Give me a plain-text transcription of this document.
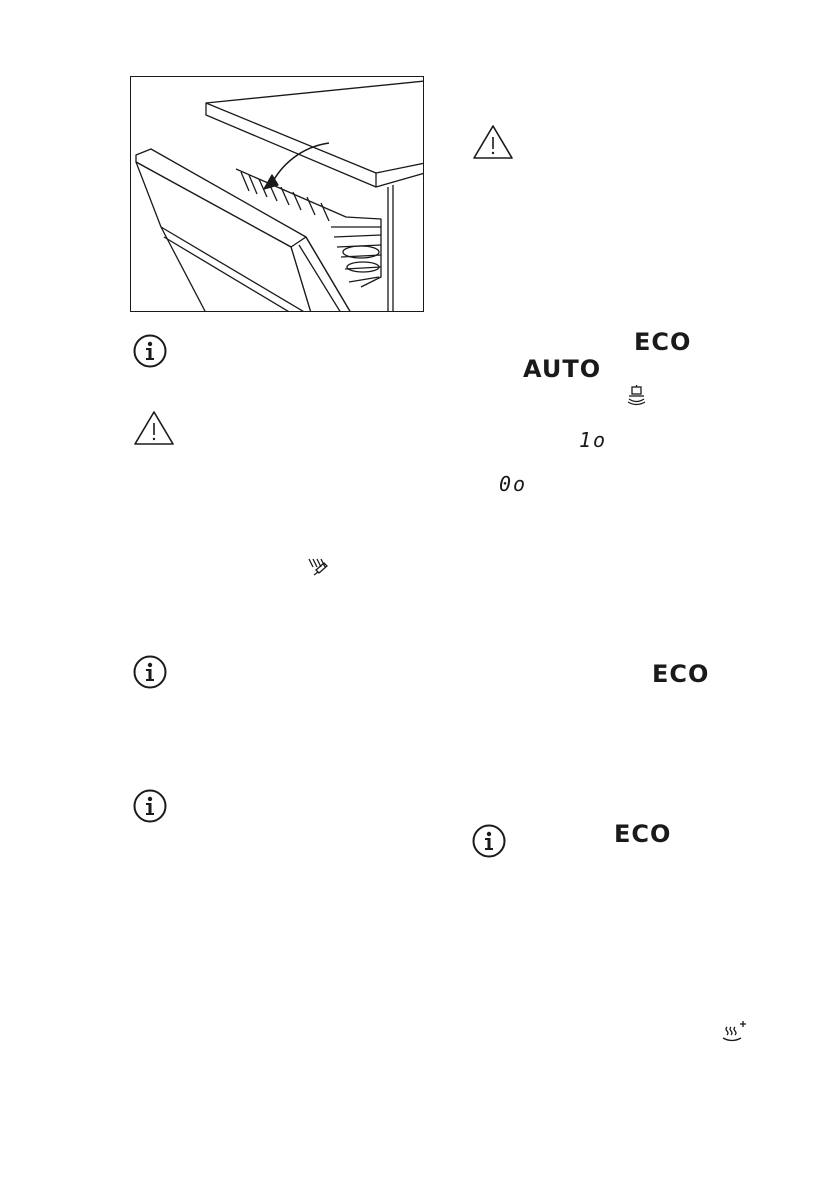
ECO
AUTO
1o
0o
ECO
ECO
